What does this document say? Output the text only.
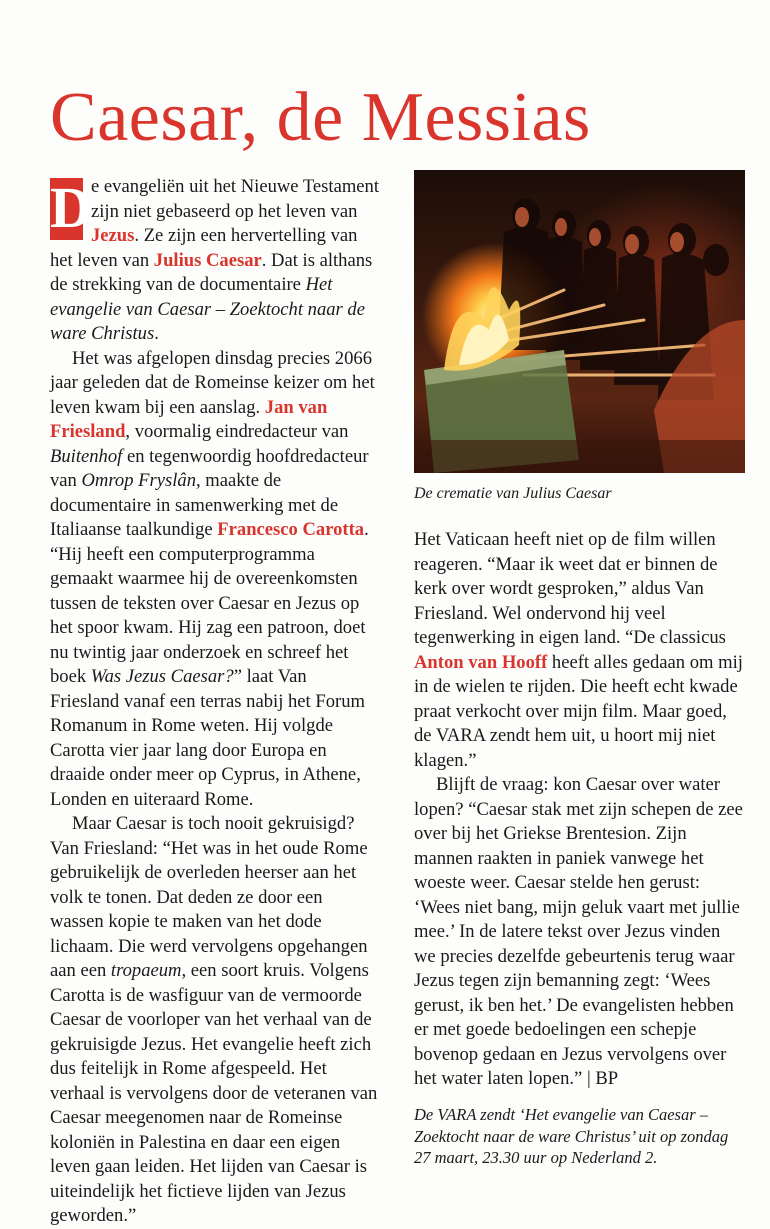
Caesar, de Messias

D e evangeliën uit het Nieuwe Testament zijn niet gebaseerd op het leven van Jezus. Ze zijn een hervertelling van het leven van Julius Caesar. Dat is althans de strekking van de documentaire Het evangelie van Caesar – Zoektocht naar de ware Christus.

Het was afgelopen dinsdag precies 2066 jaar geleden dat de Romeinse keizer om het leven kwam bij een aanslag. Jan van Friesland, voormalig eindredacteur van Buitenhof en tegenwoordig hoofdredacteur van Omrop Fryslân, maakte de documentaire in samenwerking met de Italiaanse taalkundige Francesco Carotta. “Hij heeft een computerprogramma gemaakt waarmee hij de overeenkomsten tussen de teksten over Caesar en Jezus op het spoor kwam. Hij zag een patroon, doet nu twintig jaar onderzoek en schreef het boek Was Jezus Caesar?” laat Van Friesland vanaf een terras nabij het Forum Romanum in Rome weten. Hij volgde Carotta vier jaar lang door Europa en draaide onder meer op Cyprus, in Athene, Londen en uiteraard Rome.

Maar Caesar is toch nooit gekruisigd? Van Friesland: “Het was in het oude Rome gebruikelijk de overleden heerser aan het volk te tonen. Dat deden ze door een wassen kopie te maken van het dode lichaam. Die werd vervolgens opgehangen aan een tropaeum, een soort kruis. Volgens Carotta is de wasfiguur van de vermoorde Caesar de voorloper van het verhaal van de gekruisigde Jezus. Het evangelie heeft zich dus feitelijk in Rome afgespeeld. Het verhaal is vervolgens door de veteranen van Caesar meegenomen naar de Romeinse koloniën in Palestina en daar een eigen leven gaan leiden. Het lijden van Caesar is uiteindelijk het fictieve lijden van Jezus geworden.”

De crematie van Julius Caesar

Het Vaticaan heeft niet op de film willen reageren. “Maar ik weet dat er binnen de kerk over wordt gesproken,” aldus Van Friesland. Wel ondervond hij veel tegenwerking in eigen land. “De classicus Anton van Hooff heeft alles gedaan om mij in de wielen te rijden. Die heeft echt kwade praat verkocht over mijn film. Maar goed, de VARA zendt hem uit, u hoort mij niet klagen.”

Blijft de vraag: kon Caesar over water lopen? “Caesar stak met zijn schepen de zee over bij het Griekse Brentesion. Zijn mannen raakten in paniek vanwege het woeste weer. Caesar stelde hen gerust: ‘Wees niet bang, mijn geluk vaart met jullie mee.’ In de latere tekst over Jezus vinden we precies dezelfde gebeurtenis terug waar Jezus tegen zijn bemanning zegt: ‘Wees gerust, ik ben het.’ De evangelisten hebben er met goede bedoelingen een schepje bovenop gedaan en Jezus vervolgens over het water laten lopen.” | BP

De VARA zendt ‘Het evangelie van Caesar – Zoektocht naar de ware Christus’ uit op zondag 27 maart, 23.30 uur op Nederland 2.
